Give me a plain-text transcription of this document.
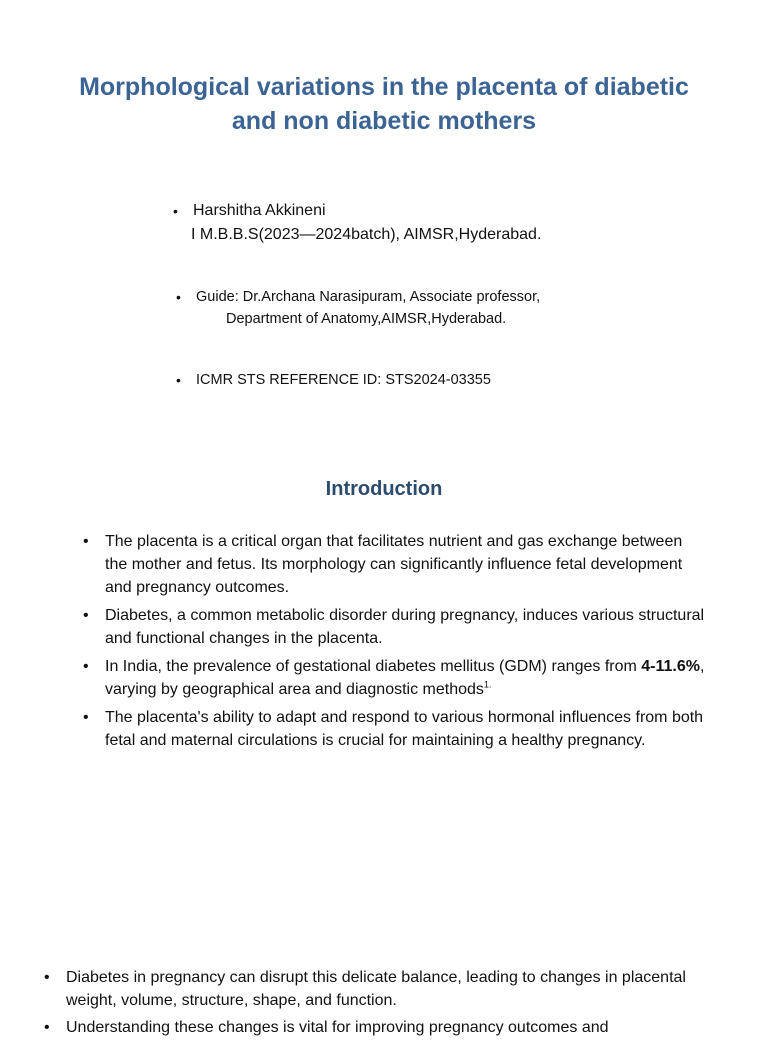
Morphological variations in the placenta of diabetic
and non diabetic mothers
• Harshitha Akkineni
I M.B.B.S(2023—2024batch), AIMSR,Hyderabad.
• Guide: Dr.Archana Narasipuram, Associate professor,
Department of Anatomy,AIMSR,Hyderabad.
• ICMR STS REFERENCE ID: STS2024-03355
Introduction
• The placenta is a critical organ that facilitates nutrient and gas exchange between the mother and fetus. Its morphology can significantly influence fetal development and pregnancy outcomes.
• Diabetes, a common metabolic disorder during pregnancy, induces various structural and functional changes in the placenta.
• In India, the prevalence of gestational diabetes mellitus (GDM) ranges from 4-11.6%, varying by geographical area and diagnostic methods$^{1.}$
• The placenta's ability to adapt and respond to various hormonal influences from both fetal and maternal circulations is crucial for maintaining a healthy pregnancy.
• Diabetes in pregnancy can disrupt this delicate balance, leading to changes in placental weight, volume, structure, shape, and function.
• Understanding these changes is vital for improving pregnancy outcomes and
